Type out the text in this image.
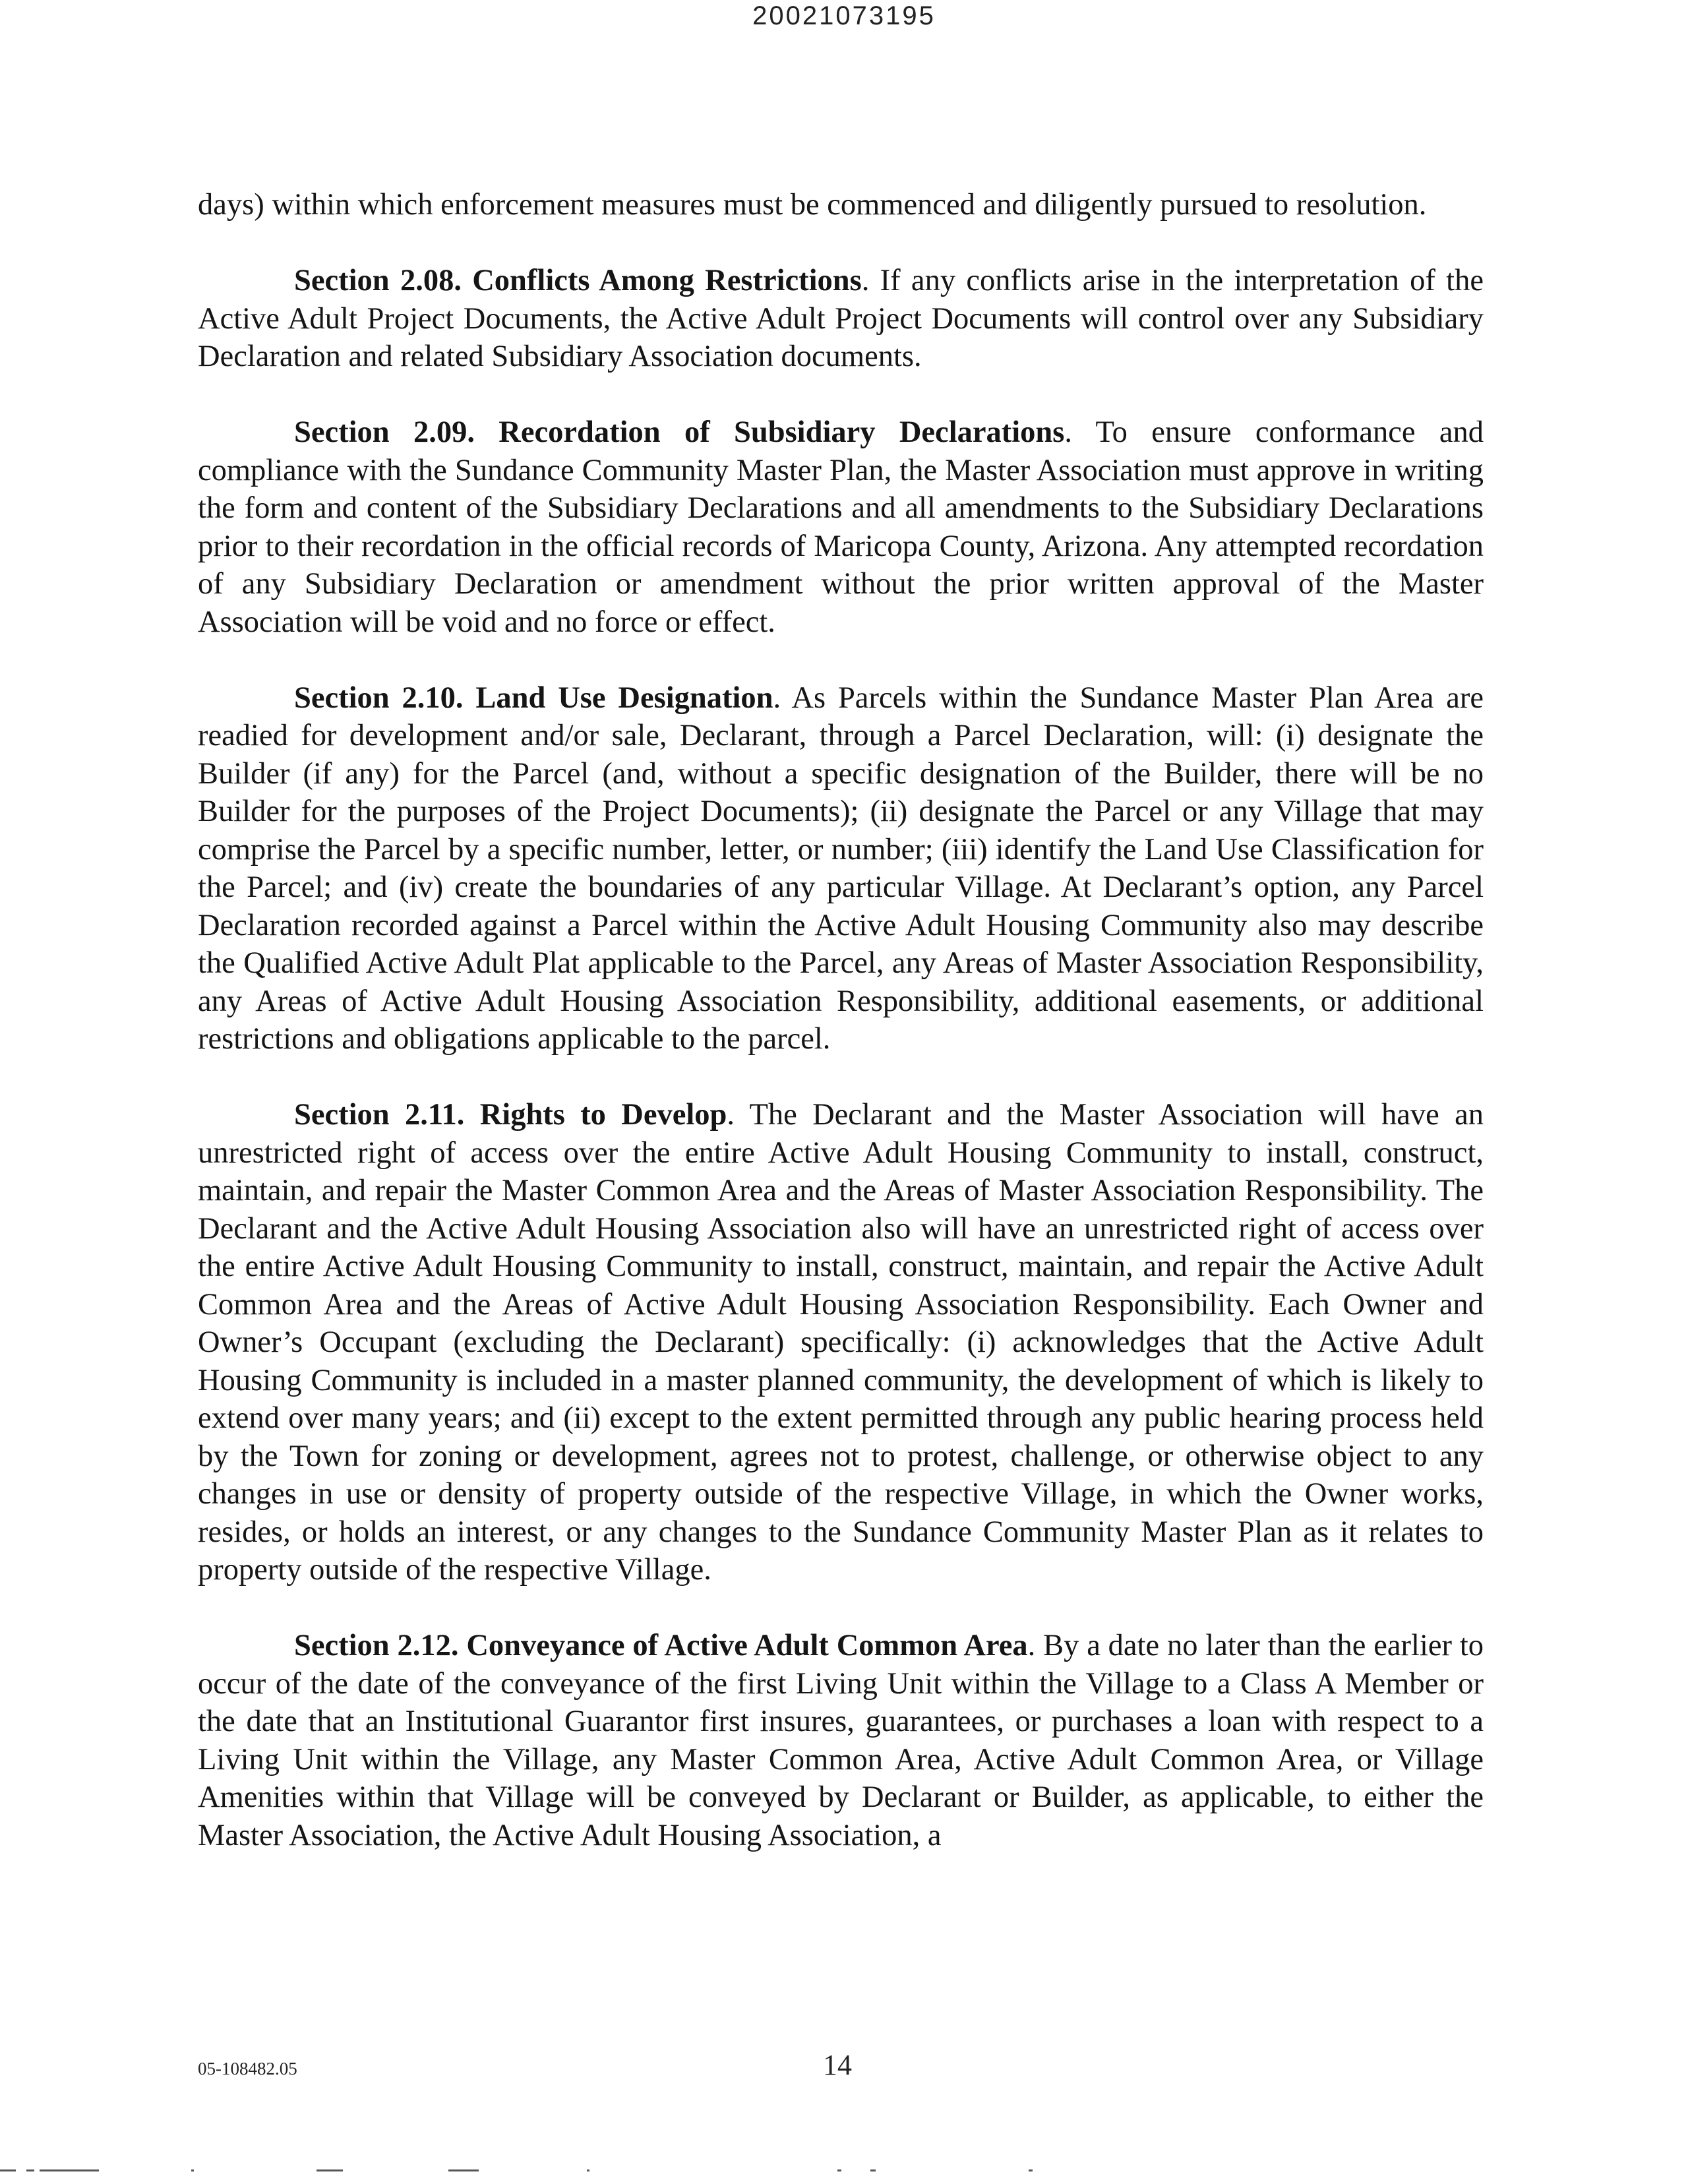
20021073195

days) within which enforcement measures must be commenced and diligently pursued to resolution.

Section 2.08. Conflicts Among Restrictions. If any conflicts arise in the interpretation of the Active Adult Project Documents, the Active Adult Project Documents will control over any Subsidiary Declaration and related Subsidiary Association documents.

Section 2.09. Recordation of Subsidiary Declarations. To ensure conformance and compliance with the Sundance Community Master Plan, the Master Association must approve in writing the form and content of the Subsidiary Declarations and all amendments to the Subsidiary Declarations prior to their recordation in the official records of Maricopa County, Arizona. Any attempted recordation of any Subsidiary Declaration or amendment without the prior written approval of the Master Association will be void and no force or effect.

Section 2.10. Land Use Designation. As Parcels within the Sundance Master Plan Area are readied for development and/or sale, Declarant, through a Parcel Declaration, will: (i) designate the Builder (if any) for the Parcel (and, without a specific designation of the Builder, there will be no Builder for the purposes of the Project Documents); (ii) designate the Parcel or any Village that may comprise the Parcel by a specific number, letter, or number; (iii) identify the Land Use Classification for the Parcel; and (iv) create the boundaries of any particular Village. At Declarant’s option, any Parcel Declaration recorded against a Parcel within the Active Adult Housing Community also may describe the Qualified Active Adult Plat applicable to the Parcel, any Areas of Master Association Responsibility, any Areas of Active Adult Housing Association Responsibility, additional easements, or additional restrictions and obligations applicable to the parcel.

Section 2.11. Rights to Develop. The Declarant and the Master Association will have an unrestricted right of access over the entire Active Adult Housing Community to install, construct, maintain, and repair the Master Common Area and the Areas of Master Association Responsibility. The Declarant and the Active Adult Housing Association also will have an unrestricted right of access over the entire Active Adult Housing Community to install, construct, maintain, and repair the Active Adult Common Area and the Areas of Active Adult Housing Association Responsibility. Each Owner and Owner’s Occupant (excluding the Declarant) specifically: (i) acknowledges that the Active Adult Housing Community is included in a master planned community, the development of which is likely to extend over many years; and (ii) except to the extent permitted through any public hearing process held by the Town for zoning or development, agrees not to protest, challenge, or otherwise object to any changes in use or density of property outside of the respective Village, in which the Owner works, resides, or holds an interest, or any changes to the Sundance Community Master Plan as it relates to property outside of the respective Village.

Section 2.12. Conveyance of Active Adult Common Area. By a date no later than the earlier to occur of the date of the conveyance of the first Living Unit within the Village to a Class A Member or the date that an Institutional Guarantor first insures, guarantees, or purchases a loan with respect to a Living Unit within the Village, any Master Common Area, Active Adult Common Area, or Village Amenities within that Village will be conveyed by Declarant or Builder, as applicable, to either the Master Association, the Active Adult Housing Association, a

05-108482.05	14
